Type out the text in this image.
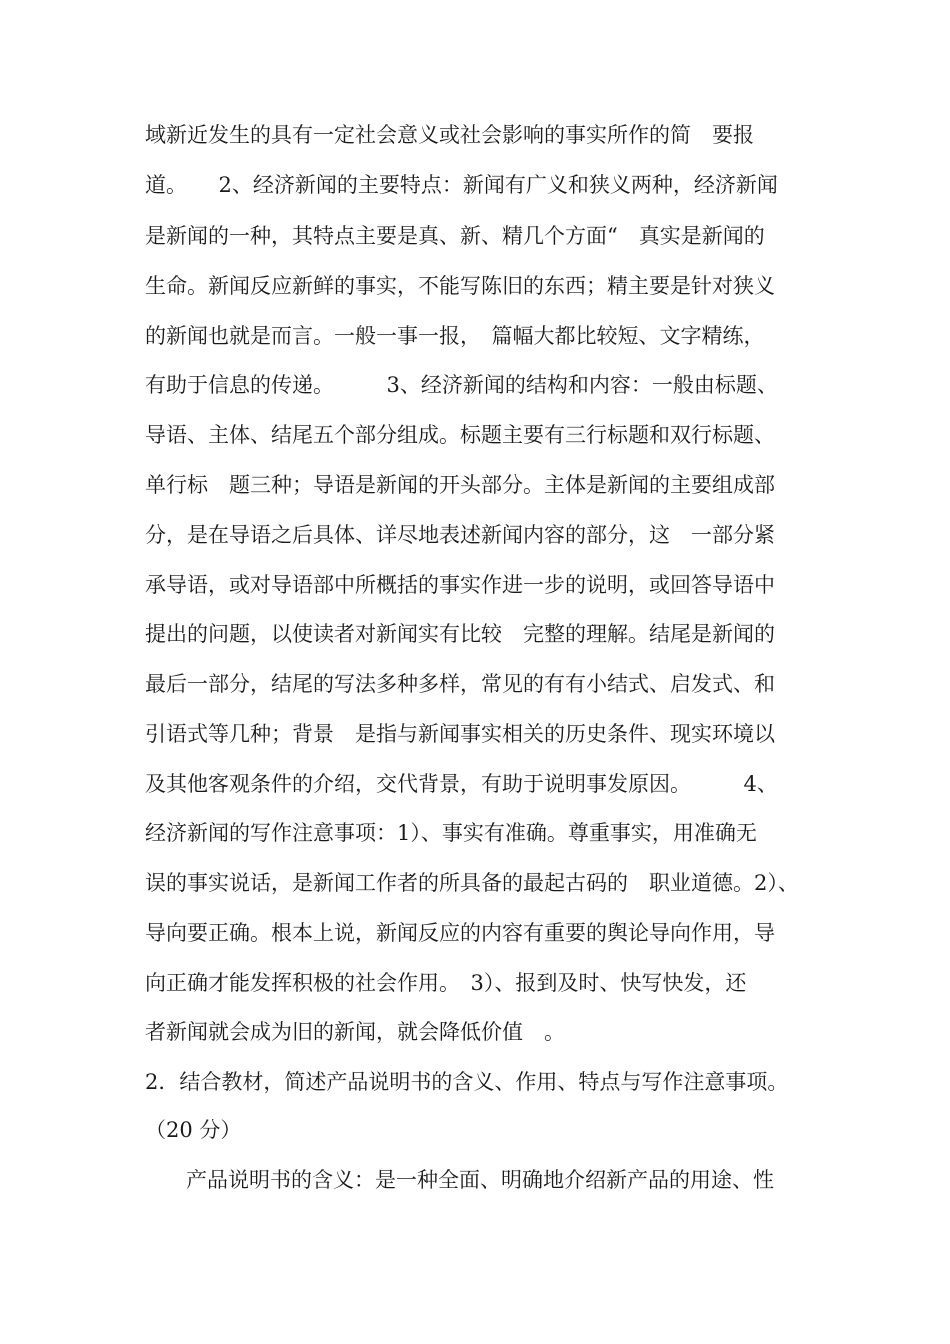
域新近发生的具有一定社会意义或社会影响的事实所作的简　要报
道。　　2、经济新闻的主要特点：新闻有广义和狭义两种，经济新闻
是新闻的一种，其特点主要是真、新、精几个方面“　真实是新闻的
生命。新闻反应新鲜的事实，不能写陈旧的东西；精主要是针对狭义
的新闻也就是而言。一般一事一报，　篇幅大都比较短、文字精练，
有助于信息的传递。　　　3、经济新闻的结构和内容：一般由标题、
导语、主体、结尾五个部分组成。标题主要有三行标题和双行标题、
单行标　题三种；导语是新闻的开头部分。主体是新闻的主要组成部
分，是在导语之后具体、详尽地表述新闻内容的部分，这　一部分紧
承导语，或对导语部中所概括的事实作进一步的说明，或回答导语中
提出的问题，以使读者对新闻实有比较　完整的理解。结尾是新闻的
最后一部分，结尾的写法多种多样，常见的有有小结式、启发式、和
引语式等几种；背景　是指与新闻事实相关的历史条件、现实环境以
及其他客观条件的介绍，交代背景，有助于说明事发原因。　　　4、
经济新闻的写作注意事项：1）、事实有准确。尊重事实，用准确无
误的事实说话，是新闻工作者的所具备的最起古码的　职业道德。2）、
导向要正确。根本上说，新闻反应的内容有重要的舆论导向作用，导
向正确才能发挥积极的社会作用。　3）、报到及时、快写快发，还
者新闻就会成为旧的新闻，就会降低价值　。
2．结合教材，简述产品说明书的含义、作用、特点与写作注意事项。
（20 分）
产品说明书的含义：是一种全面、明确地介绍新产品的用途、性
